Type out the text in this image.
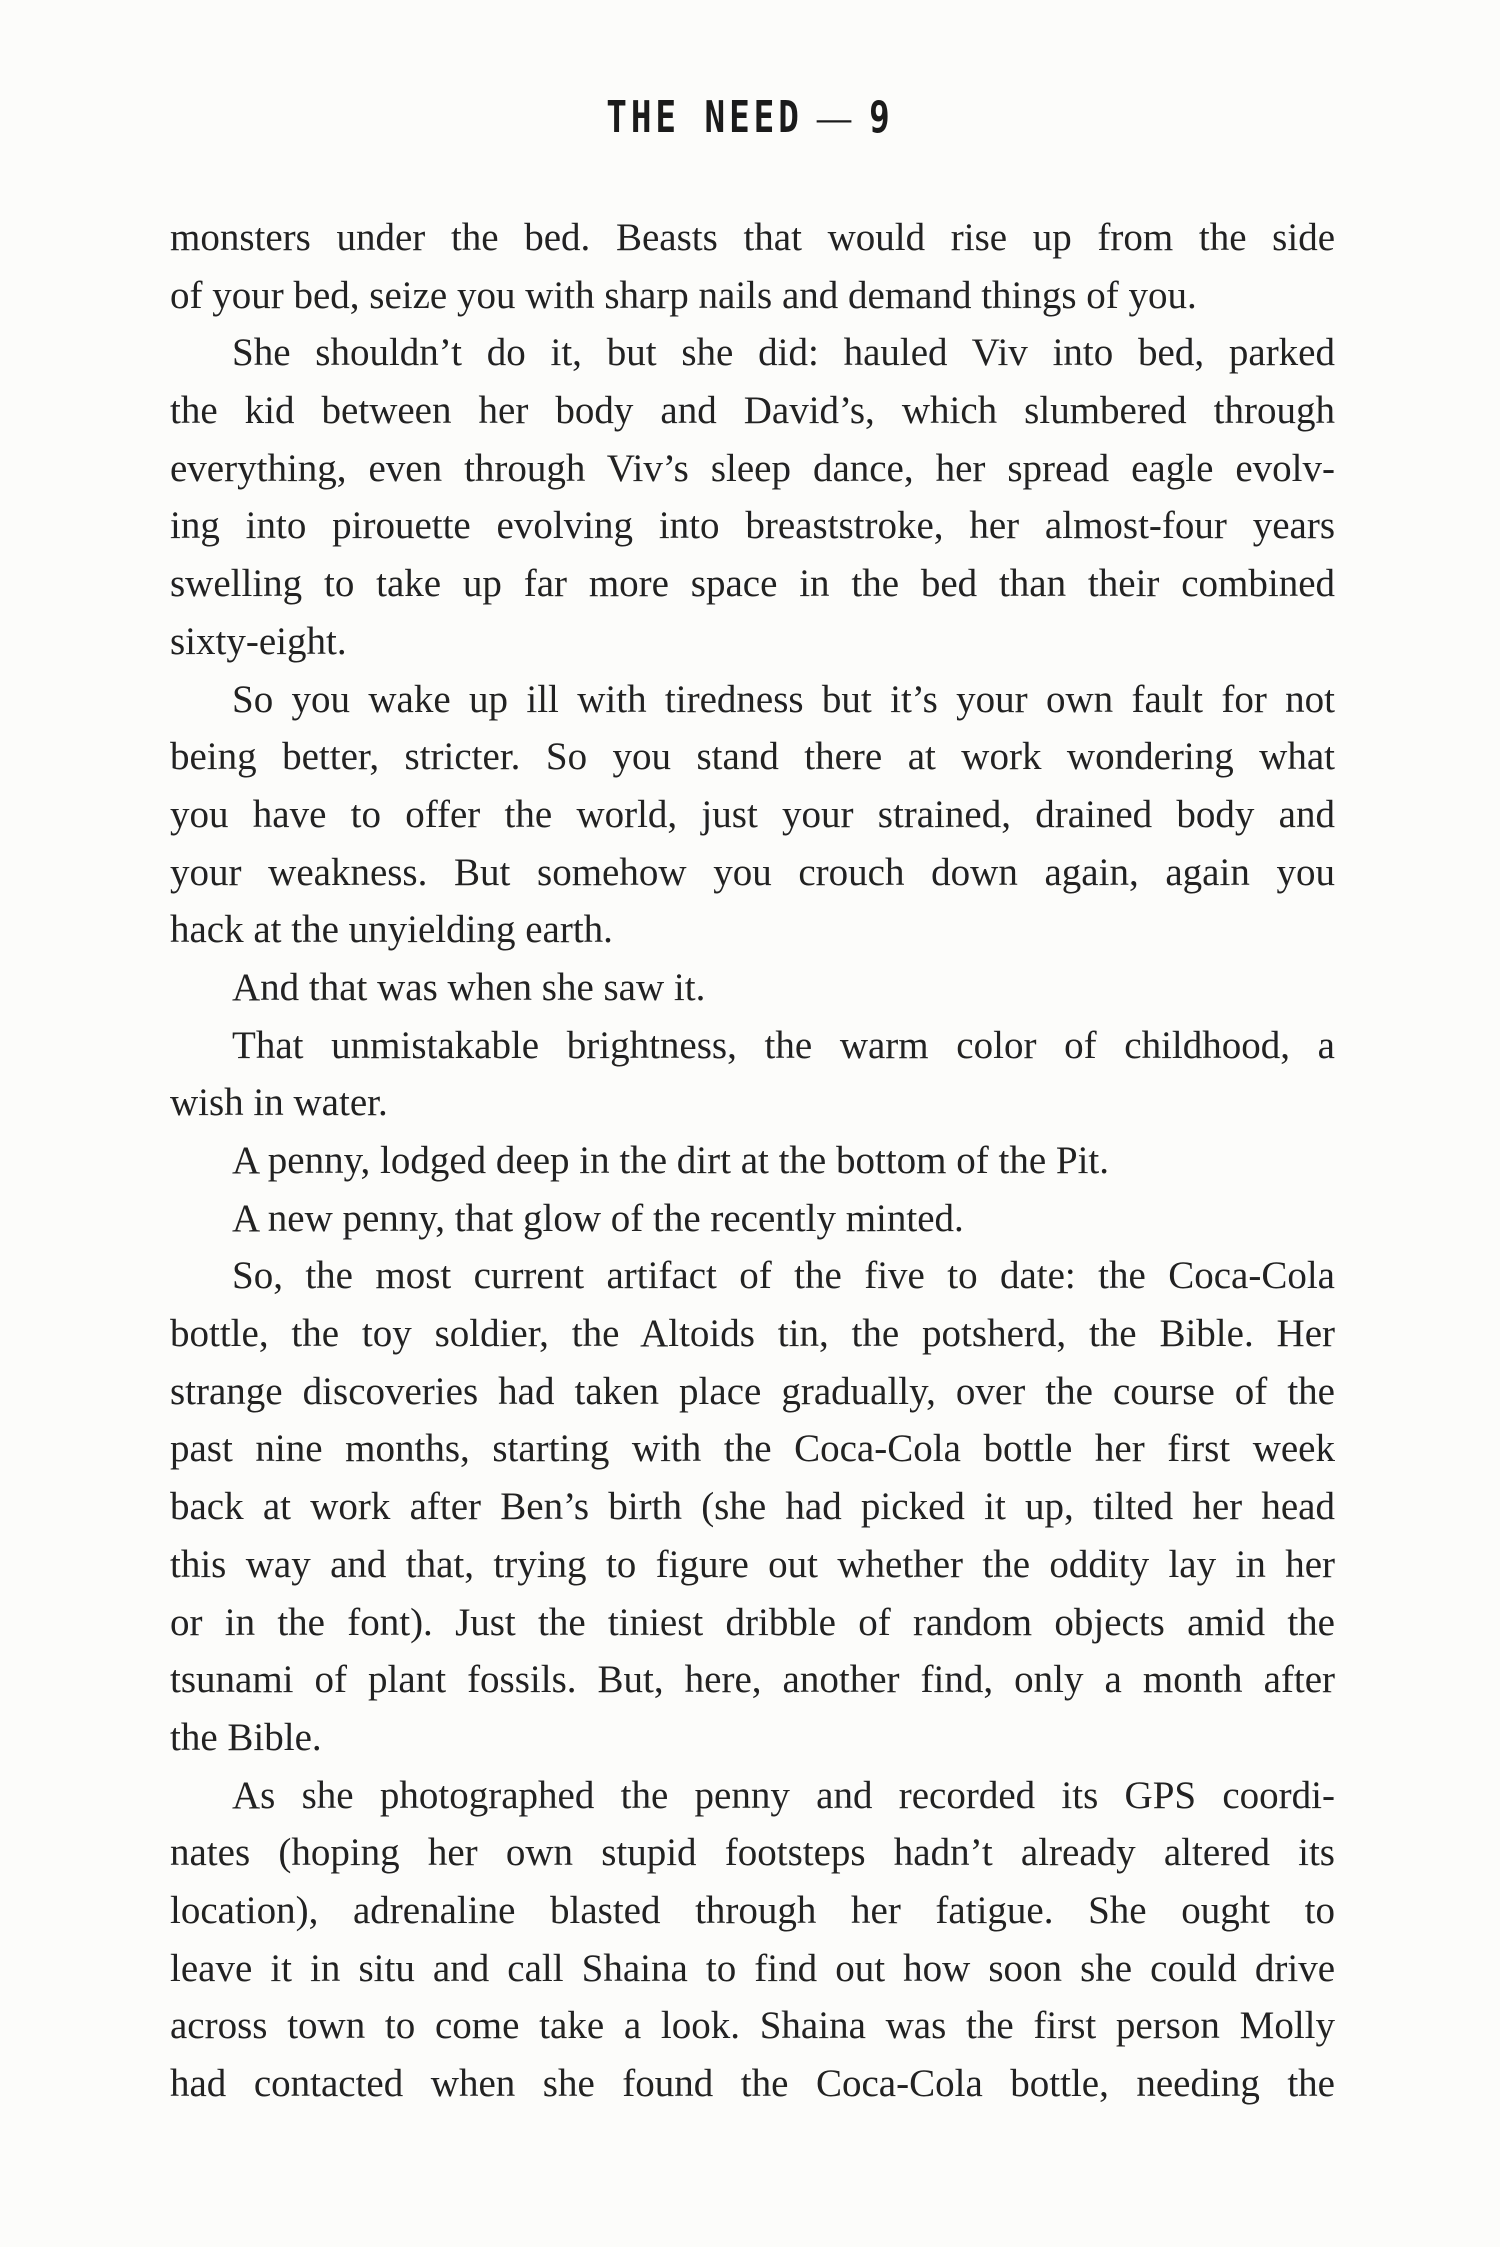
THE NEED — 9
monsters under the bed. Beasts that would rise up from the side
of your bed, seize you with sharp nails and demand things of you.
She shouldn’t do it, but she did: hauled Viv into bed, parked
the kid between her body and David’s, which slumbered through
everything, even through Viv’s sleep dance, her spread eagle evolv-
ing into pirouette evolving into breaststroke, her almost-four years
swelling to take up far more space in the bed than their combined
sixty-eight.
So you wake up ill with tiredness but it’s your own fault for not
being better, stricter. So you stand there at work wondering what
you have to offer the world, just your strained, drained body and
your weakness. But somehow you crouch down again, again you
hack at the unyielding earth.
And that was when she saw it.
That unmistakable brightness, the warm color of childhood, a
wish in water.
A penny, lodged deep in the dirt at the bottom of the Pit.
A new penny, that glow of the recently minted.
So, the most current artifact of the five to date: the Coca-Cola
bottle, the toy soldier, the Altoids tin, the potsherd, the Bible. Her
strange discoveries had taken place gradually, over the course of the
past nine months, starting with the Coca-Cola bottle her first week
back at work after Ben’s birth (she had picked it up, tilted her head
this way and that, trying to figure out whether the oddity lay in her
or in the font). Just the tiniest dribble of random objects amid the
tsunami of plant fossils. But, here, another find, only a month after
the Bible.
As she photographed the penny and recorded its GPS coordi-
nates (hoping her own stupid footsteps hadn’t already altered its
location), adrenaline blasted through her fatigue. She ought to
leave it in situ and call Shaina to find out how soon she could drive
across town to come take a look. Shaina was the first person Molly
had contacted when she found the Coca-Cola bottle, needing the
